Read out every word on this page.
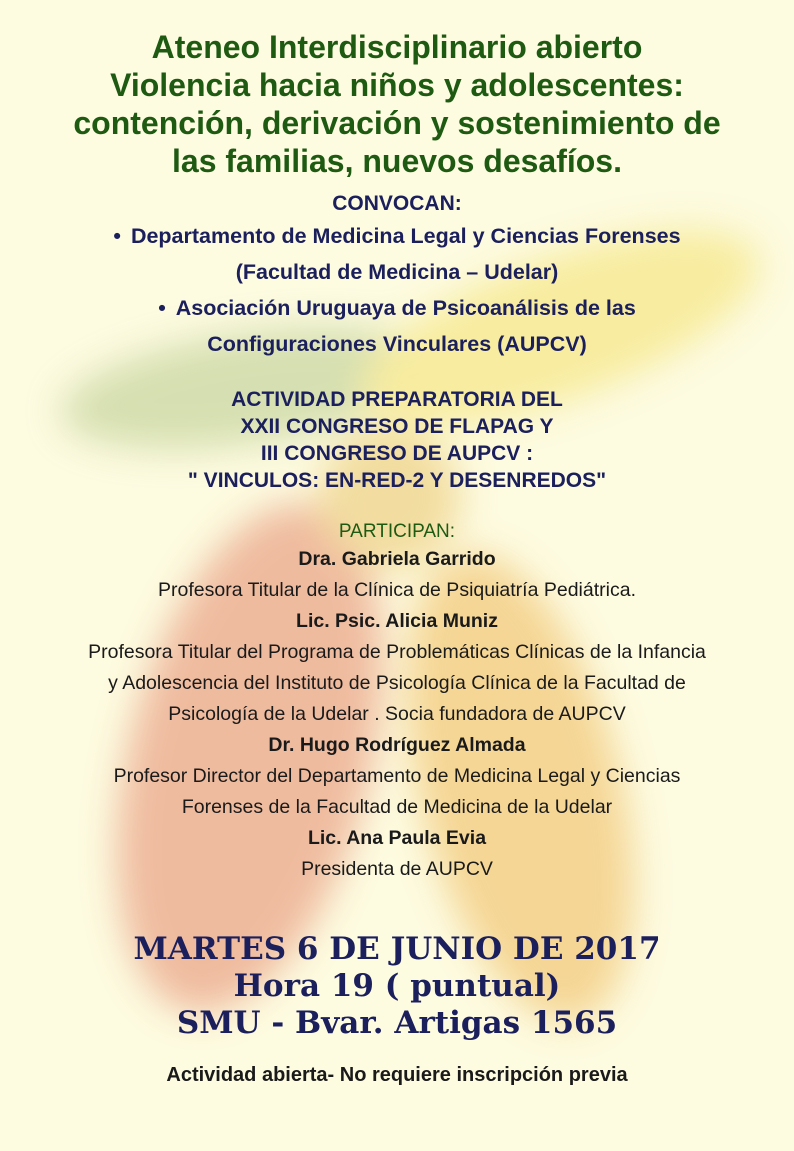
Ateneo Interdisciplinario abierto
Violencia hacia niños y adolescentes:
contención, derivación y sostenimiento de
las familias, nuevos desafíos.
CONVOCAN:
• Departamento de Medicina Legal y Ciencias Forenses
(Facultad de Medicina – Udelar)
• Asociación Uruguaya de Psicoanálisis de las
Configuraciones Vinculares (AUPCV)
ACTIVIDAD PREPARATORIA DEL
XXII CONGRESO DE FLAPAG Y
III CONGRESO DE AUPCV :
" VINCULOS: EN-RED-2 Y DESENREDOS"
PARTICIPAN:
Dra. Gabriela Garrido
Profesora Titular de la Clínica de Psiquiatría Pediátrica.
Lic. Psic. Alicia Muniz
Profesora Titular del Programa de Problemáticas Clínicas de la Infancia
y Adolescencia del Instituto de Psicología Clínica de la Facultad de
Psicología de la Udelar . Socia fundadora de AUPCV
Dr. Hugo Rodríguez Almada
Profesor Director del Departamento de Medicina Legal y Ciencias
Forenses de la Facultad de Medicina de la Udelar
Lic. Ana Paula Evia
Presidenta de AUPCV
MARTES 6 DE JUNIO DE 2017
Hora 19 ( puntual)
SMU - Bvar. Artigas 1565
Actividad abierta- No requiere inscripción previa
